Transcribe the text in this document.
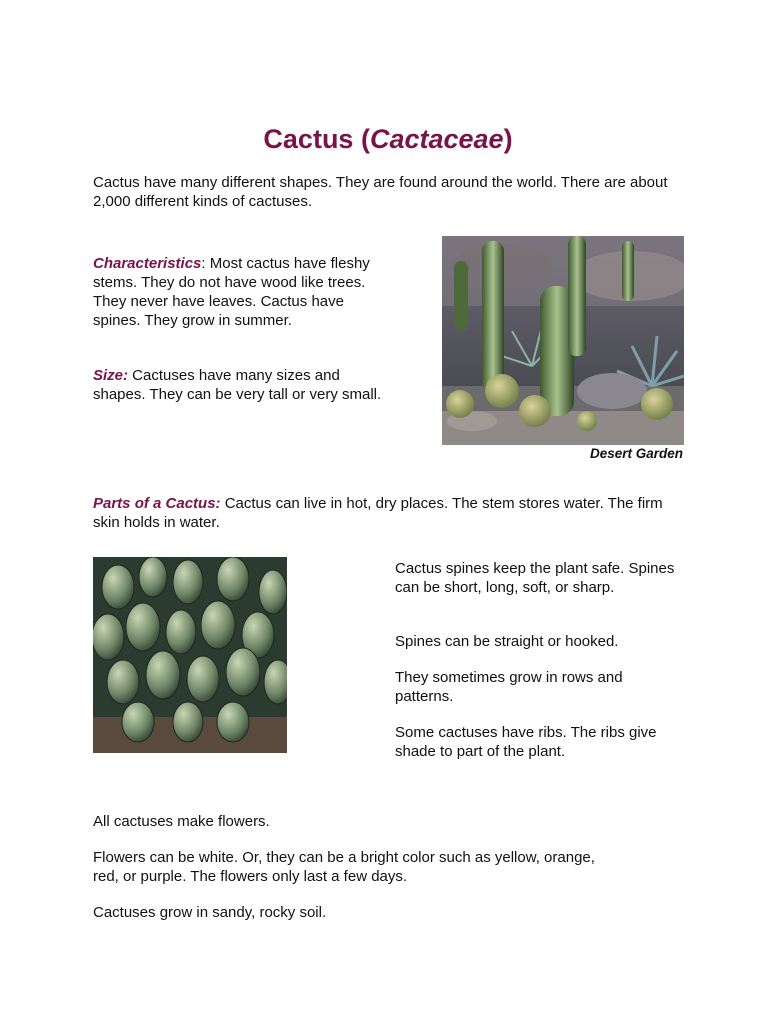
Cactus (Cactaceae)

Cactus have many different shapes. They are found around the world. There are about 2,000 different kinds of cactuses.

Characteristics: Most cactus have fleshy stems. They do not have wood like trees. They never have leaves. Cactus have spines. They grow in summer.

Size: Cactuses have many sizes and shapes. They can be very tall or very small.

Desert Garden

Parts of a Cactus: Cactus can live in hot, dry places. The stem stores water. The firm skin holds in water.

Cactus spines keep the plant safe. Spines can be short, long, soft, or sharp.

Spines can be straight or hooked.

They sometimes grow in rows and patterns.

Some cactuses have ribs. The ribs give shade to part of the plant.

All cactuses make flowers.

Flowers can be white. Or, they can be a bright color such as yellow, orange, red, or purple. The flowers only last a few days.

Cactuses grow in sandy, rocky soil.
